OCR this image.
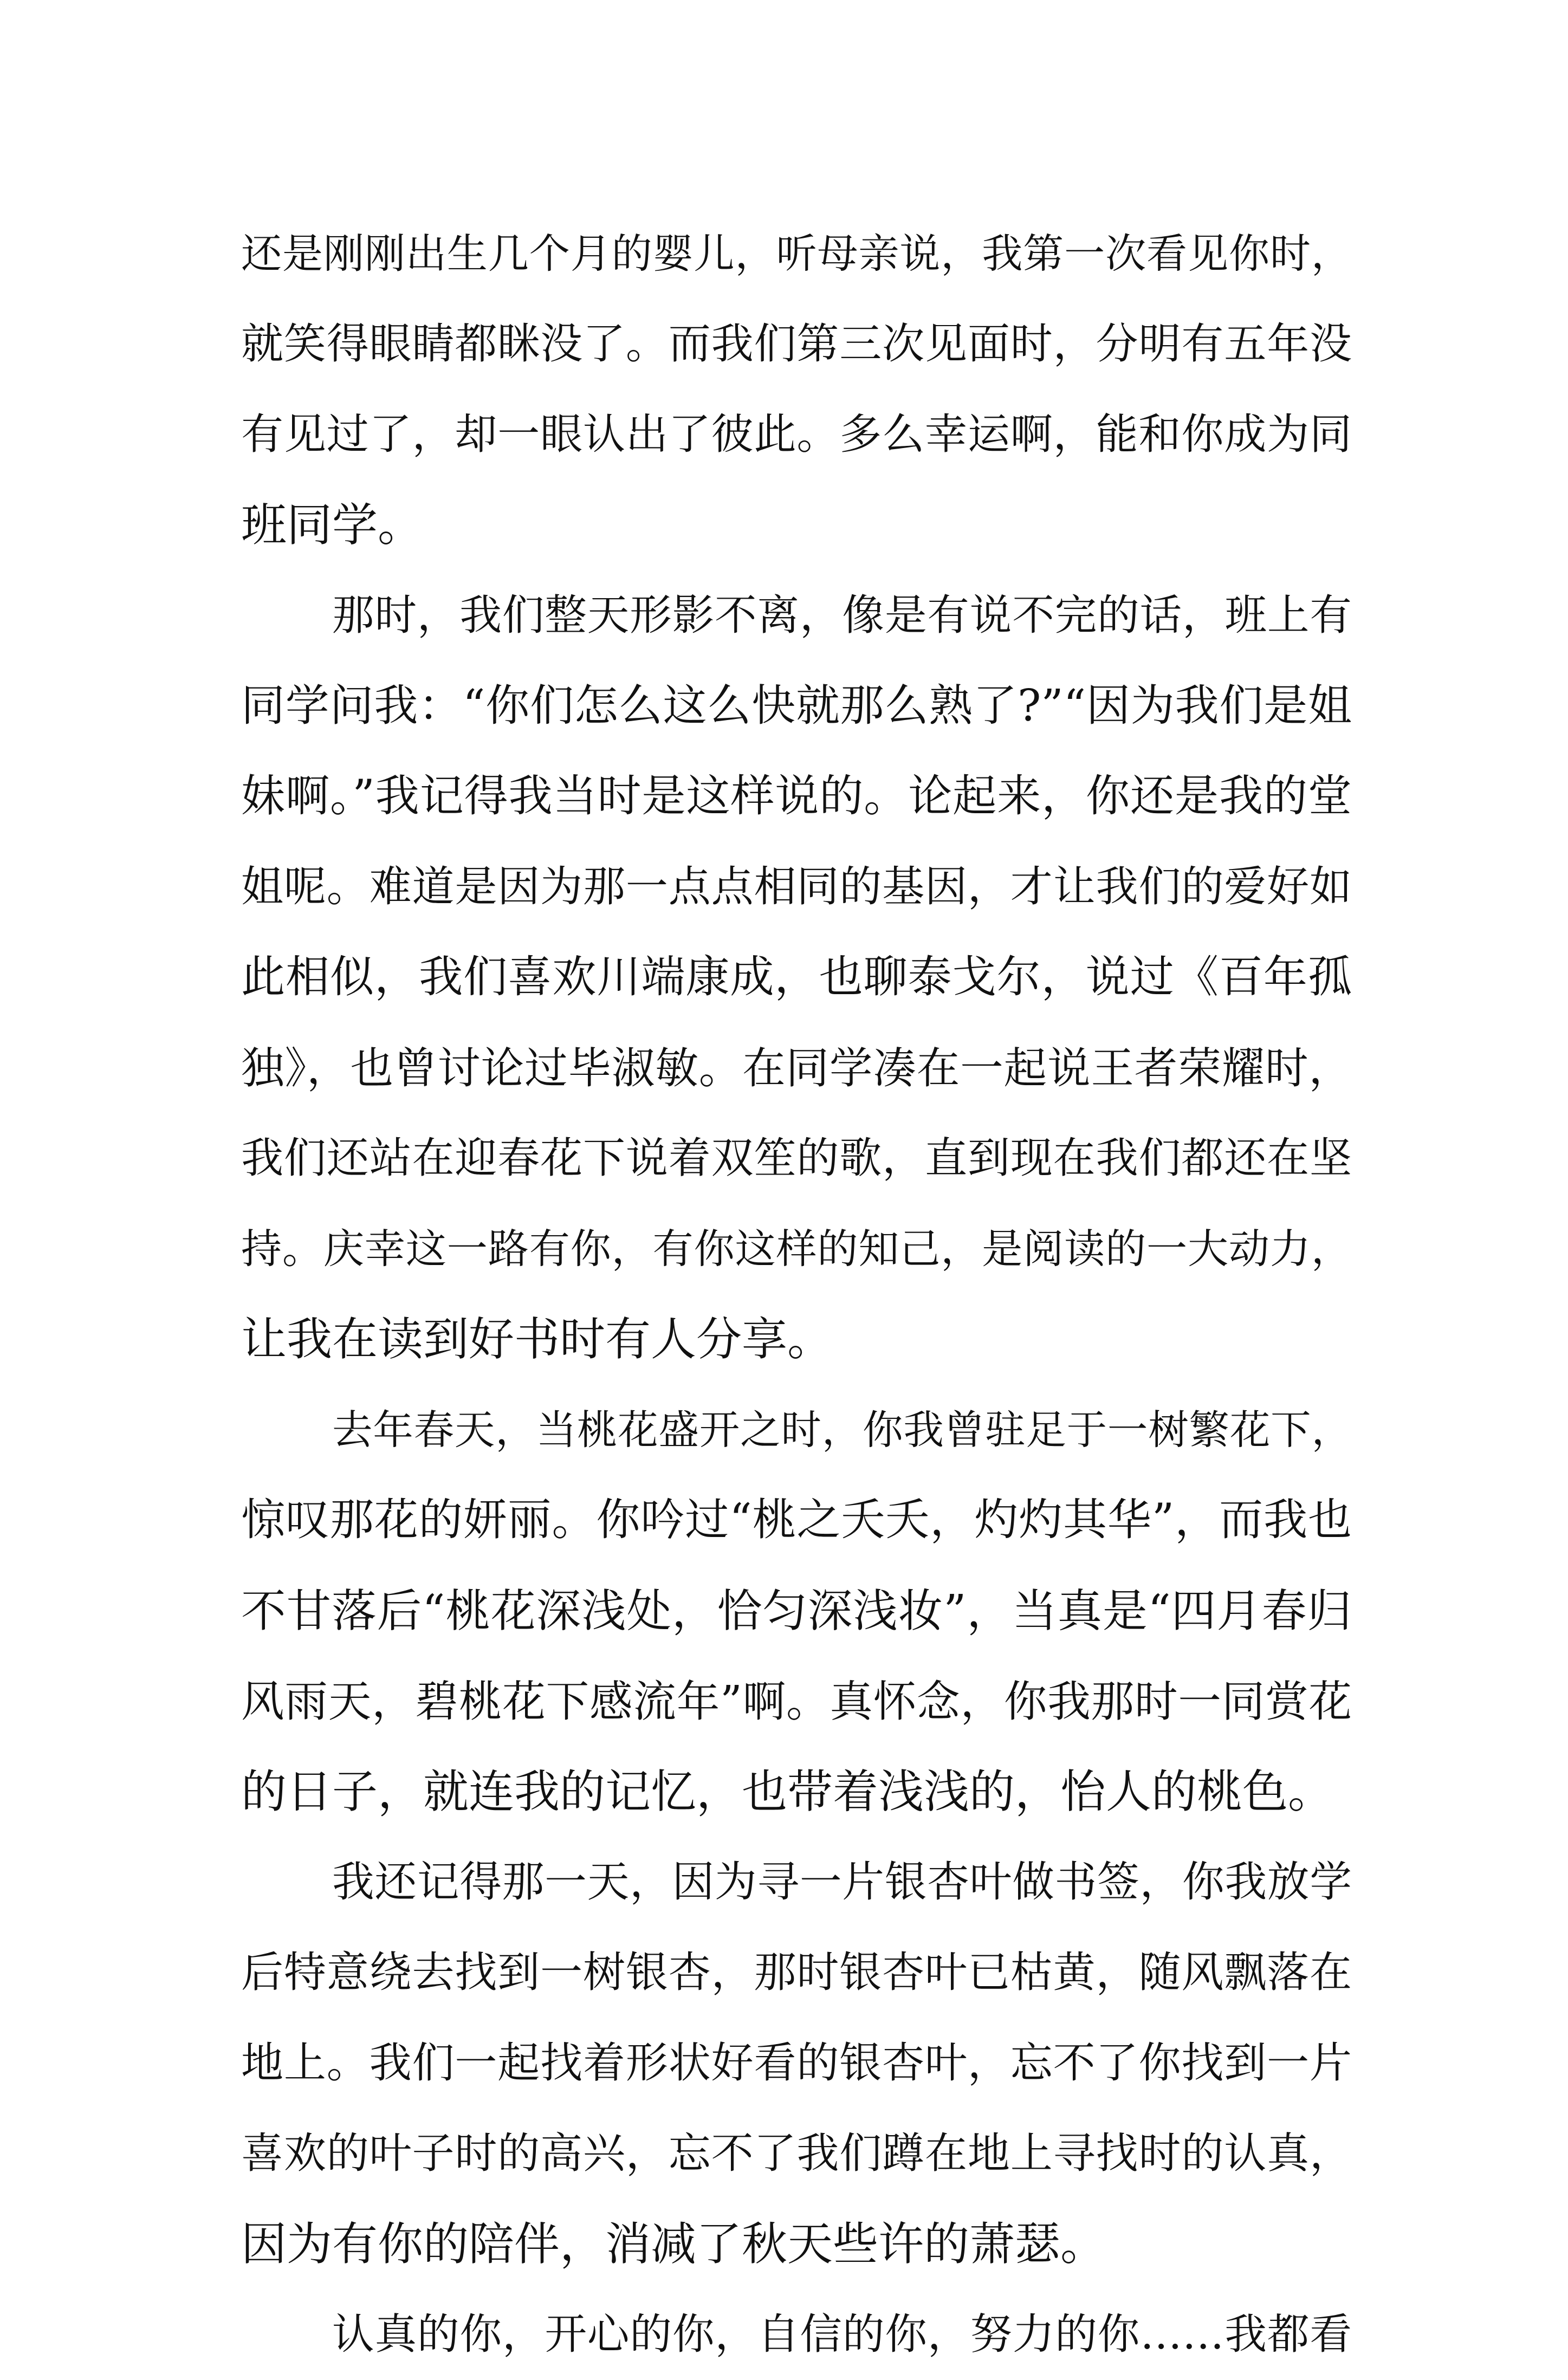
还是刚刚出生几个月的婴儿，听母亲说，我第一次看见你时，
就笑得眼睛都眯没了。而我们第三次见面时，分明有五年没
有见过了，却一眼认出了彼此。多么幸运啊，能和你成为同
班同学。
那时，我们整天形影不离，像是有说不完的话，班上有
同学问我：“你们怎么这么快就那么熟了?”“因为我们是姐
妹啊。”我记得我当时是这样说的。论起来，你还是我的堂
姐呢。难道是因为那一点点相同的基因，才让我们的爱好如
此相似，我们喜欢川端康成，也聊泰戈尔，说过《百年孤
独》，也曾讨论过毕淑敏。在同学凑在一起说王者荣耀时，
我们还站在迎春花下说着双笙的歌，直到现在我们都还在坚
持。庆幸这一路有你，有你这样的知己，是阅读的一大动力，
让我在读到好书时有人分享。
去年春天，当桃花盛开之时，你我曾驻足于一树繁花下，
惊叹那花的妍丽。你吟过“桃之夭夭，灼灼其华”，而我也
不甘落后“桃花深浅处，恰匀深浅妆”，当真是“四月春归
风雨天，碧桃花下感流年”啊。真怀念，你我那时一同赏花
的日子，就连我的记忆，也带着浅浅的，怡人的桃色。
我还记得那一天，因为寻一片银杏叶做书签，你我放学
后特意绕去找到一树银杏，那时银杏叶已枯黄，随风飘落在
地上。我们一起找着形状好看的银杏叶，忘不了你找到一片
喜欢的叶子时的高兴，忘不了我们蹲在地上寻找时的认真，
因为有你的陪伴，消减了秋天些许的萧瑟。
认真的你，开心的你，自信的你，努力的你……我都看
